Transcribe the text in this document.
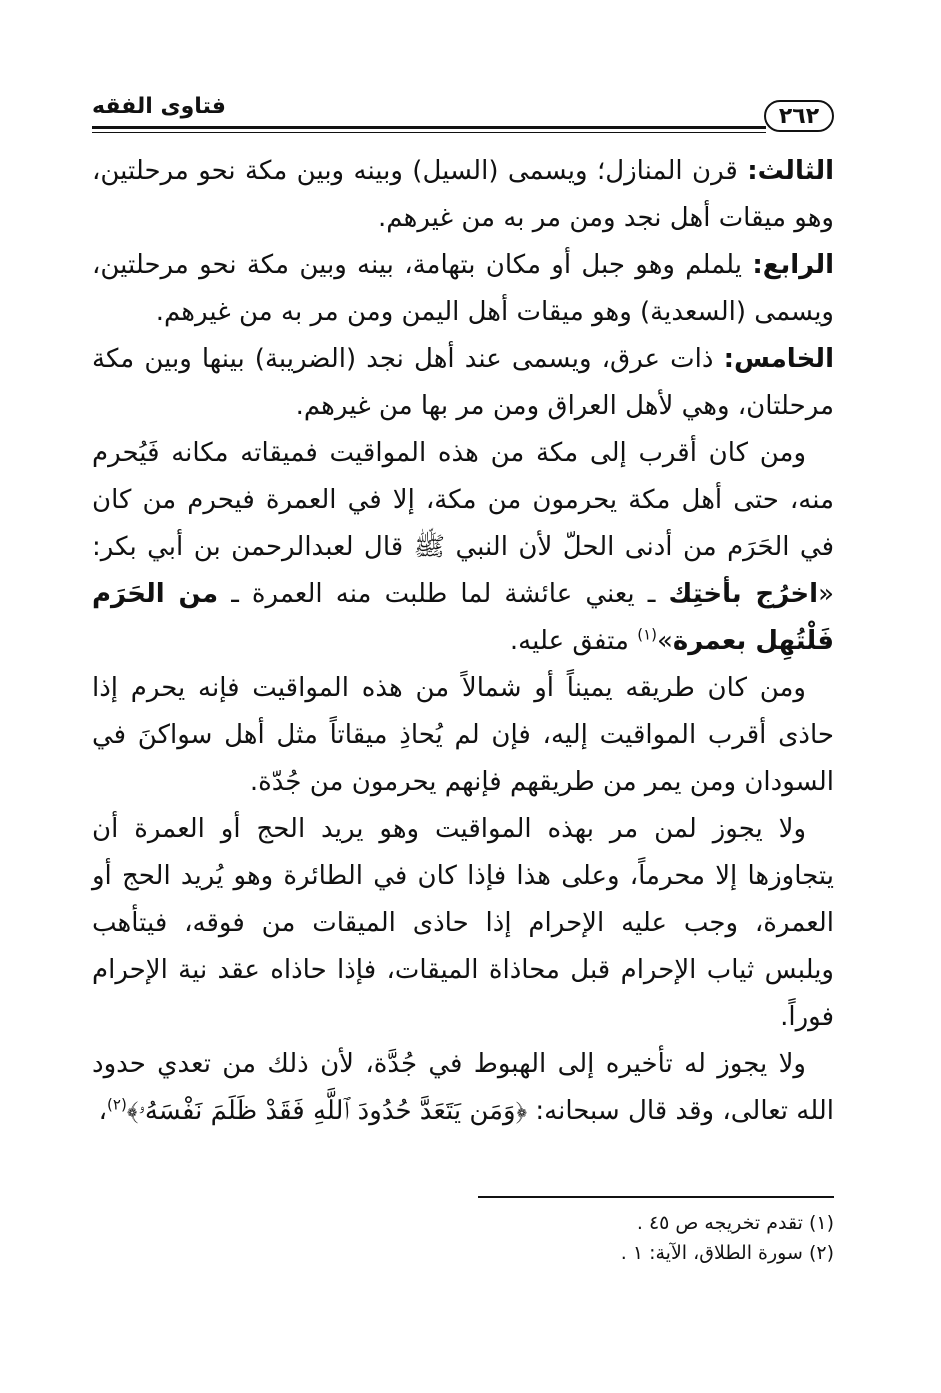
٢٦٢
فتاوى الفقه

الثالث: قرن المنازل؛ ويسمى (السيل) وبينه وبين مكة نحو مرحلتين، وهو ميقات أهل نجد ومن مر به من غيرهم.

الرابع: يلملم وهو جبل أو مكان بتهامة، بينه وبين مكة نحو مرحلتين، ويسمى (السعدية) وهو ميقات أهل اليمن ومن مر به من غيرهم.

الخامس: ذات عرق، ويسمى عند أهل نجد (الضريبة) بينها وبين مكة مرحلتان، وهي لأهل العراق ومن مر بها من غيرهم.

ومن كان أقرب إلى مكة من هذه المواقيت فميقاته مكانه فَيُحرم منه، حتى أهل مكة يحرمون من مكة، إلا في العمرة فيحرم من كان في الحَرَم من أدنى الحلّ لأن النبي ﷺ قال لعبدالرحمن بن أبي بكر: «اخرُج بأختِك ـ يعني عائشة لما طلبت منه العمرة ـ من الحَرَم فَلْتُهِل بعمرة»$^{(١)}$ متفق عليه.

ومن كان طريقه يميناً أو شمالاً من هذه المواقيت فإنه يحرم إذا حاذى أقرب المواقيت إليه، فإن لم يُحاذِ ميقاتاً مثل أهل سواكنَ في السودان ومن يمر من طريقهم فإنهم يحرمون من جُدّة.

ولا يجوز لمن مر بهذه المواقيت وهو يريد الحج أو العمرة أن يتجاوزها إلا محرماً، وعلى هذا فإذا كان في الطائرة وهو يُريد الحج أو العمرة، وجب عليه الإحرام إذا حاذى الميقات من فوقه، فيتأهب ويلبس ثياب الإحرام قبل محاذاة الميقات، فإذا حاذاه عقد نية الإحرام فوراً.

ولا يجوز له تأخيره إلى الهبوط في جُدَّة، لأن ذلك من تعدي حدود الله تعالى، وقد قال سبحانه: ﴿وَمَن يَتَعَدَّ حُدُودَ ٱللَّهِ فَقَدْ ظَلَمَ نَفْسَهُۥ﴾$^{(٢)}$،

(١) تقدم تخريجه ص ٤٥ .

(٢) سورة الطلاق، الآية: ١ .
